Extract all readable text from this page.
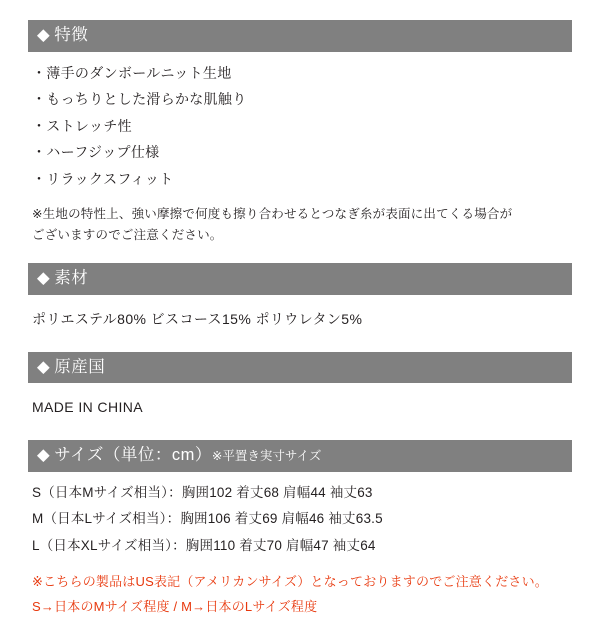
◆ 特徴
・薄手のダンボールニット生地
・もっちりとした滑らかな肌触り
・ストレッチ性
・ハーフジップ仕様
・リラックスフィット
※生地の特性上、強い摩擦で何度も擦り合わせるとつなぎ糸が表面に出てくる場合が
ございますのでご注意ください。
◆ 素材
ポリエステル80% ビスコース15% ポリウレタン5%
◆ 原産国
MADE IN CHINA
◆ サイズ（単位：cm）※平置き実寸サイズ
S（日本Mサイズ相当）：胸囲102 着丈68 肩幅44 袖丈63
M（日本Lサイズ相当）：胸囲106 着丈69 肩幅46 袖丈63.5
L（日本XLサイズ相当）：胸囲110 着丈70 肩幅47 袖丈64
※こちらの製品はUS表記（アメリカンサイズ）となっておりますのでご注意ください。
S→日本のMサイズ程度 / M→日本のLサイズ程度
